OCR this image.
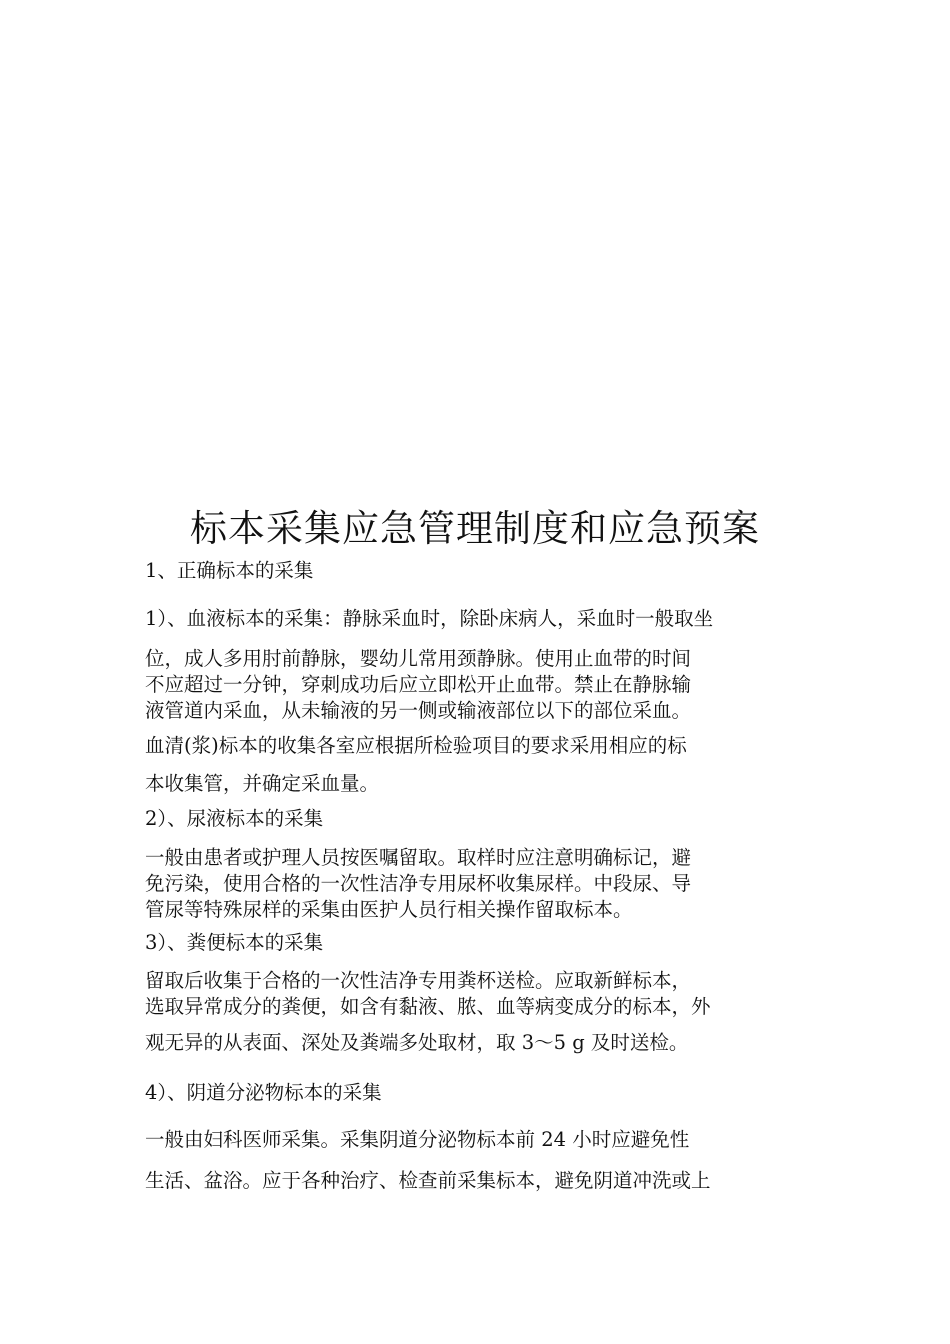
标本采集应急管理制度和应急预案
1、正确标本的采集
1）、血液标本的采集：静脉采血时，除卧床病人，采血时一般取坐
位，成人多用肘前静脉，婴幼儿常用颈静脉。使用止血带的时间
不应超过一分钟，穿刺成功后应立即松开止血带。禁止在静脉输
液管道内采血，从未输液的另一侧或输液部位以下的部位采血。
血清(浆)标本的收集各室应根据所检验项目的要求采用相应的标
本收集管，并确定采血量。
2）、尿液标本的采集
一般由患者或护理人员按医嘱留取。取样时应注意明确标记，避
免污染，使用合格的一次性洁净专用尿杯收集尿样。中段尿、导
管尿等特殊尿样的采集由医护人员行相关操作留取标本。
3）、粪便标本的采集
留取后收集于合格的一次性洁净专用粪杯送检。应取新鲜标本，
选取异常成分的粪便，如含有黏液、脓、血等病变成分的标本，外
观无异的从表面、深处及粪端多处取材，取 3～5 g 及时送检。
4）、阴道分泌物标本的采集
一般由妇科医师采集。采集阴道分泌物标本前 24 小时应避免性
生活、盆浴。应于各种治疗、检查前采集标本，避免阴道冲洗或上
